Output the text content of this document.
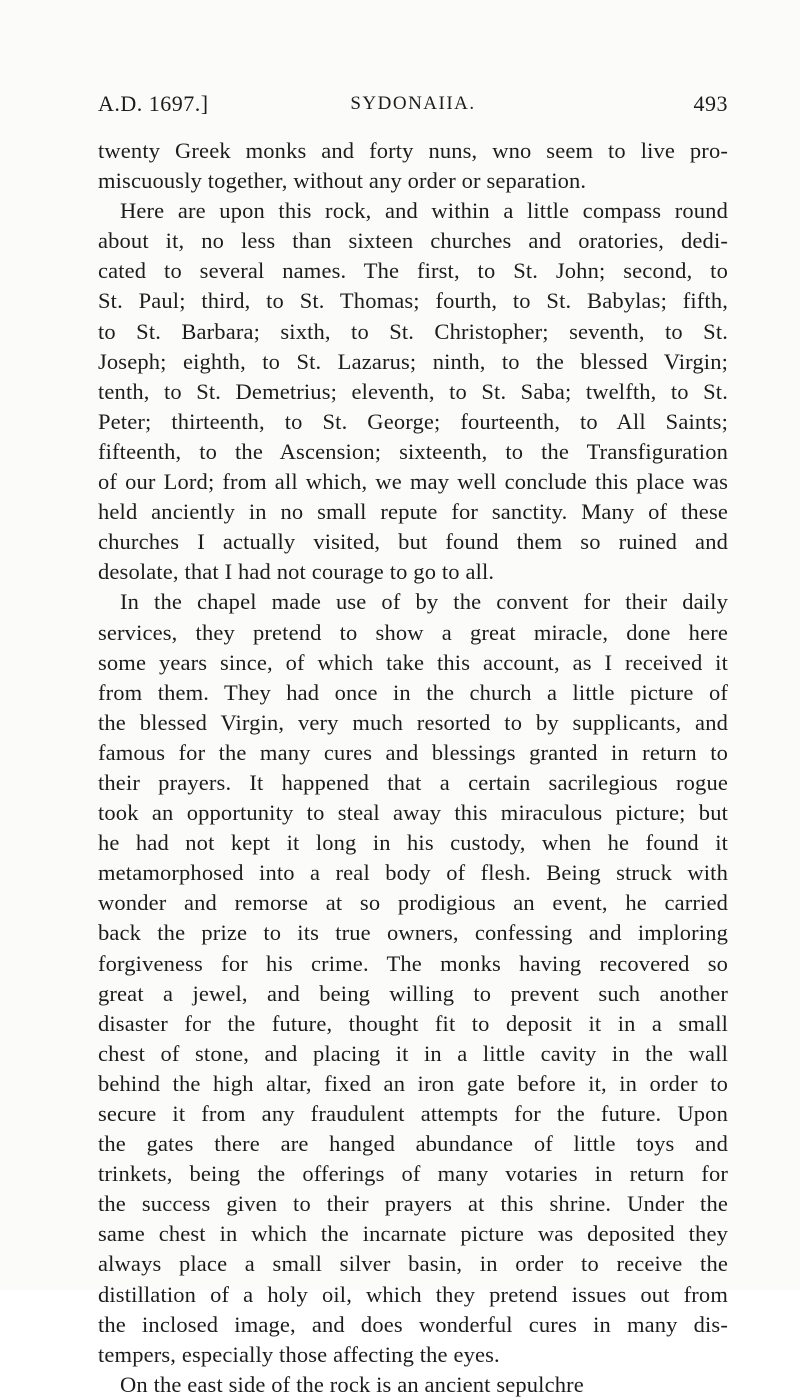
A.D. 1697.]	SYDONAIIA.	493
twenty Greek monks and forty nuns, wno seem to live pro-
miscuously together, without any order or separation.
Here are upon this rock, and within a little compass round
about it, no less than sixteen churches and oratories, dedi-
cated to several names. The first, to St. John; second, to
St. Paul; third, to St. Thomas; fourth, to St. Babylas; fifth,
to St. Barbara; sixth, to St. Christopher; seventh, to St.
Joseph; eighth, to St. Lazarus; ninth, to the blessed Virgin;
tenth, to St. Demetrius; eleventh, to St. Saba; twelfth, to St.
Peter; thirteenth, to St. George; fourteenth, to All Saints;
fifteenth, to the Ascension; sixteenth, to the Transfiguration
of our Lord; from all which, we may well conclude this place was
held anciently in no small repute for sanctity. Many of these
churches I actually visited, but found them so ruined and
desolate, that I had not courage to go to all.
In the chapel made use of by the convent for their daily
services, they pretend to show a great miracle, done here
some years since, of which take this account, as I received it
from them. They had once in the church a little picture of
the blessed Virgin, very much resorted to by supplicants, and
famous for the many cures and blessings granted in return to
their prayers. It happened that a certain sacrilegious rogue
took an opportunity to steal away this miraculous picture; but
he had not kept it long in his custody, when he found it
metamorphosed into a real body of flesh. Being struck with
wonder and remorse at so prodigious an event, he carried
back the prize to its true owners, confessing and imploring
forgiveness for his crime. The monks having recovered so
great a jewel, and being willing to prevent such another
disaster for the future, thought fit to deposit it in a small
chest of stone, and placing it in a little cavity in the wall
behind the high altar, fixed an iron gate before it, in order to
secure it from any fraudulent attempts for the future. Upon
the gates there are hanged abundance of little toys and
trinkets, being the offerings of many votaries in return for
the success given to their prayers at this shrine. Under the
same chest in which the incarnate picture was deposited they
always place a small silver basin, in order to receive the
distillation of a holy oil, which they pretend issues out from
the inclosed image, and does wonderful cures in many dis-
tempers, especially those affecting the eyes.
On the east side of the rock is an ancient sepulchre
